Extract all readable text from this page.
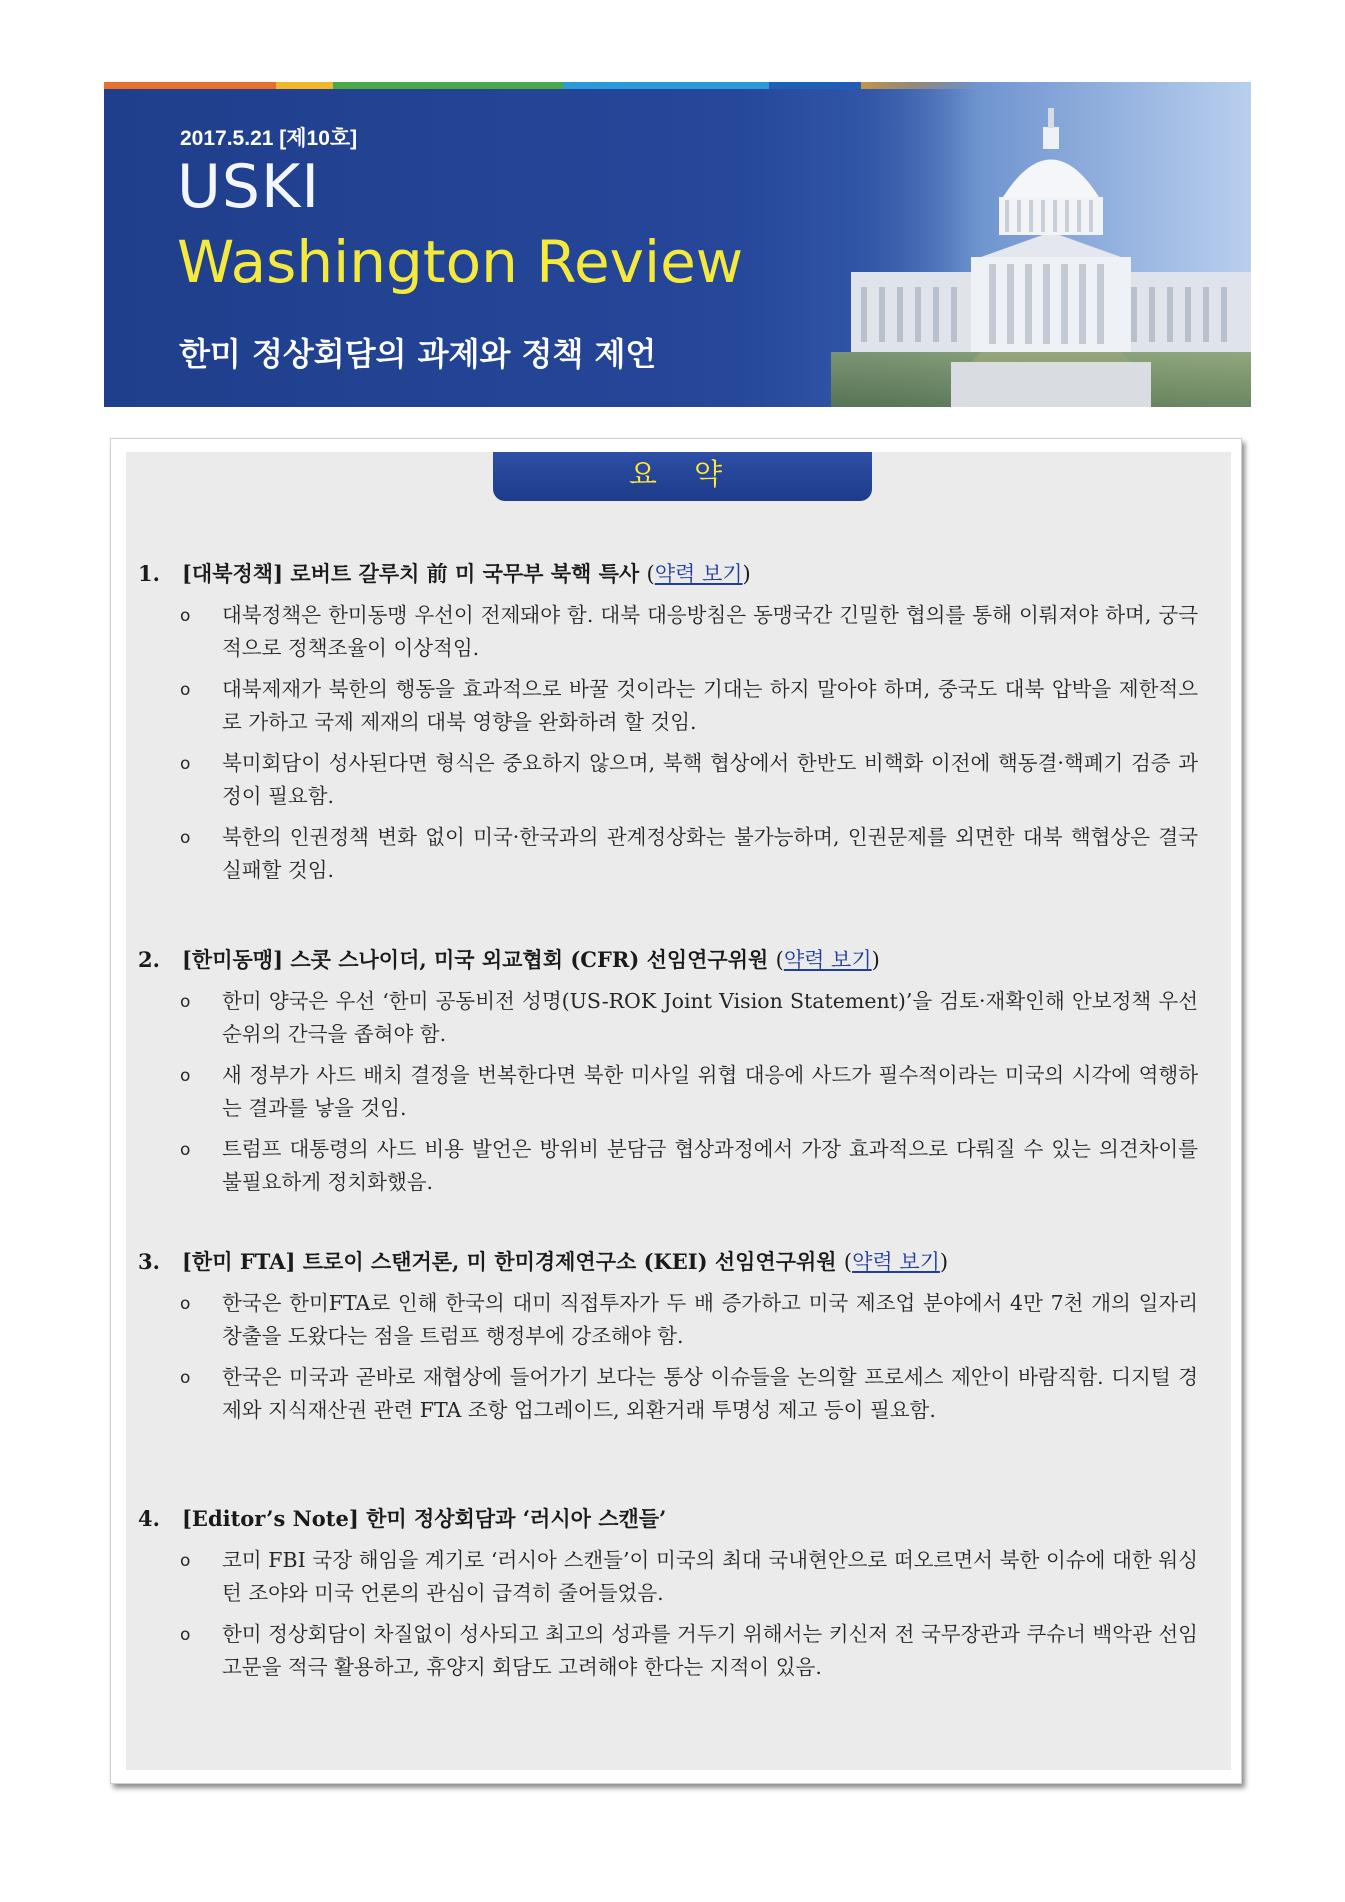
2017.5.21 [제10호]
USKI
Washington Review
한미 정상회담의 과제와 정책 제언
요 약
1. [대북정책] 로버트 갈루치 前 미 국무부 북핵 특사 (약력 보기)
o 대북정책은 한미동맹 우선이 전제돼야 함. 대북 대응방침은 동맹국간 긴밀한 협의를 통해 이뤄져야 하며, 궁극적으로 정책조율이 이상적임.
o 대북제재가 북한의 행동을 효과적으로 바꿀 것이라는 기대는 하지 말아야 하며, 중국도 대북 압박을 제한적으로 가하고 국제 제재의 대북 영향을 완화하려 할 것임.
o 북미회담이 성사된다면 형식은 중요하지 않으며, 북핵 협상에서 한반도 비핵화 이전에 핵동결·핵폐기 검증 과정이 필요함.
o 북한의 인권정책 변화 없이 미국·한국과의 관계정상화는 불가능하며, 인권문제를 외면한 대북 핵협상은 결국 실패할 것임.
2. [한미동맹] 스콧 스나이더, 미국 외교협회 (CFR) 선임연구위원 (약력 보기)
o 한미 양국은 우선 ‘한미 공동비전 성명(US-ROK Joint Vision Statement)’을 검토·재확인해 안보정책 우선순위의 간극을 좁혀야 함.
o 새 정부가 사드 배치 결정을 번복한다면 북한 미사일 위협 대응에 사드가 필수적이라는 미국의 시각에 역행하는 결과를 낳을 것임.
o 트럼프 대통령의 사드 비용 발언은 방위비 분담금 협상과정에서 가장 효과적으로 다뤄질 수 있는 의견차이를 불필요하게 정치화했음.
3. [한미 FTA] 트로이 스탠거론, 미 한미경제연구소 (KEI) 선임연구위원 (약력 보기)
o 한국은 한미FTA로 인해 한국의 대미 직접투자가 두 배 증가하고 미국 제조업 분야에서 4만 7천 개의 일자리 창출을 도왔다는 점을 트럼프 행정부에 강조해야 함.
o 한국은 미국과 곧바로 재협상에 들어가기 보다는 통상 이슈들을 논의할 프로세스 제안이 바람직함. 디지털 경제와 지식재산권 관련 FTA 조항 업그레이드, 외환거래 투명성 제고 등이 필요함.
4. [Editor’s Note] 한미 정상회담과 ‘러시아 스캔들’
o 코미 FBI 국장 해임을 계기로 ‘러시아 스캔들’이 미국의 최대 국내현안으로 떠오르면서 북한 이슈에 대한 워싱턴 조야와 미국 언론의 관심이 급격히 줄어들었음.
o 한미 정상회담이 차질없이 성사되고 최고의 성과를 거두기 위해서는 키신저 전 국무장관과 쿠슈너 백악관 선임고문을 적극 활용하고, 휴양지 회담도 고려해야 한다는 지적이 있음.
